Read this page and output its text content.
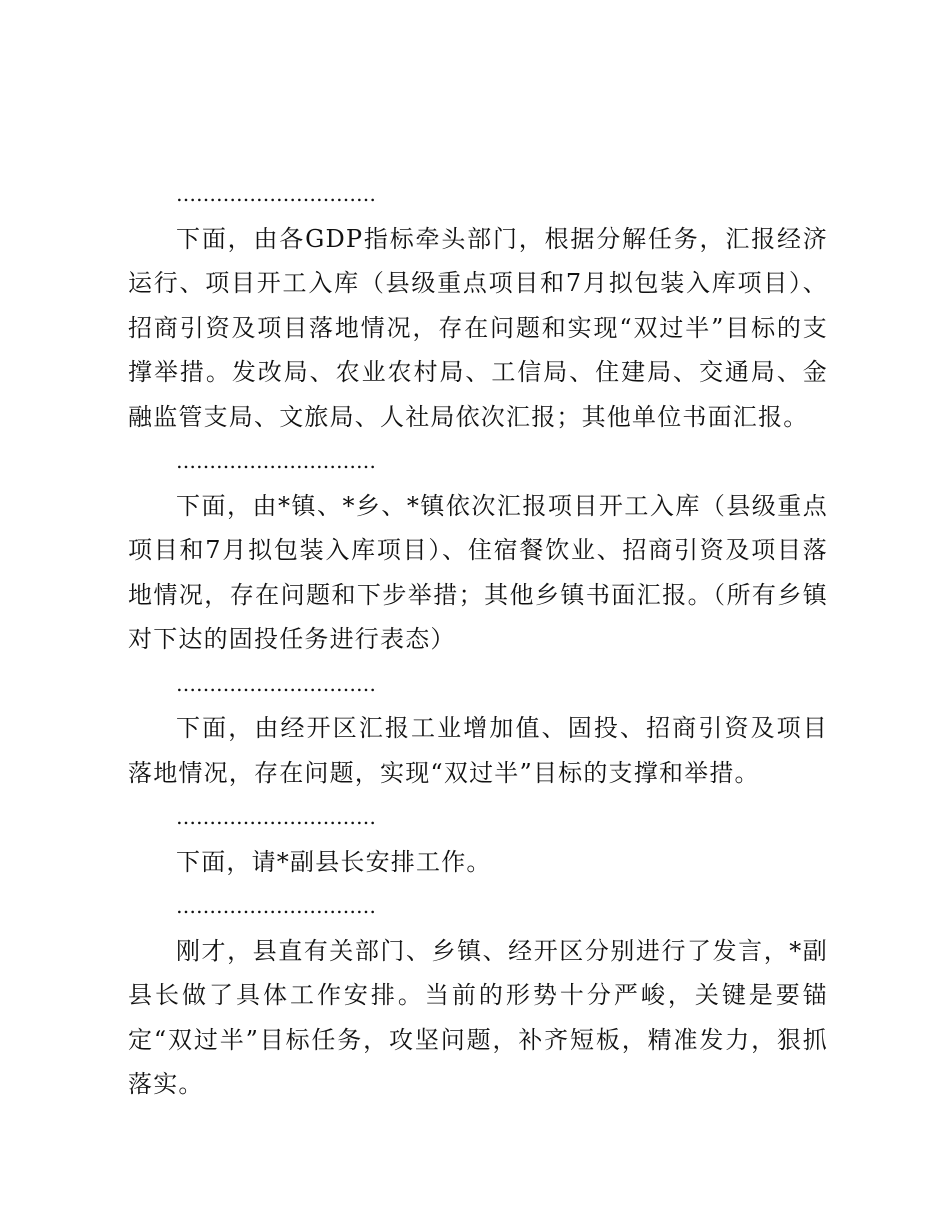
…………………………

下面，由各GDP指标牵头部门，根据分解任务，汇报经济运行、项目开工入库（县级重点项目和7月拟包装入库项目）、招商引资及项目落地情况，存在问题和实现“双过半”目标的支撑举措。发改局、农业农村局、工信局、住建局、交通局、金融监管支局、文旅局、人社局依次汇报；其他单位书面汇报。

…………………………

下面，由*镇、*乡、*镇依次汇报项目开工入库（县级重点项目和7月拟包装入库项目）、住宿餐饮业、招商引资及项目落地情况，存在问题和下步举措；其他乡镇书面汇报。（所有乡镇对下达的固投任务进行表态）

…………………………

下面，由经开区汇报工业增加值、固投、招商引资及项目落地情况，存在问题，实现“双过半”目标的支撑和举措。

…………………………

下面，请*副县长安排工作。

…………………………

刚才，县直有关部门、乡镇、经开区分别进行了发言，*副县长做了具体工作安排。当前的形势十分严峻，关键是要锚定“双过半”目标任务，攻坚问题，补齐短板，精准发力，狠抓落实。
